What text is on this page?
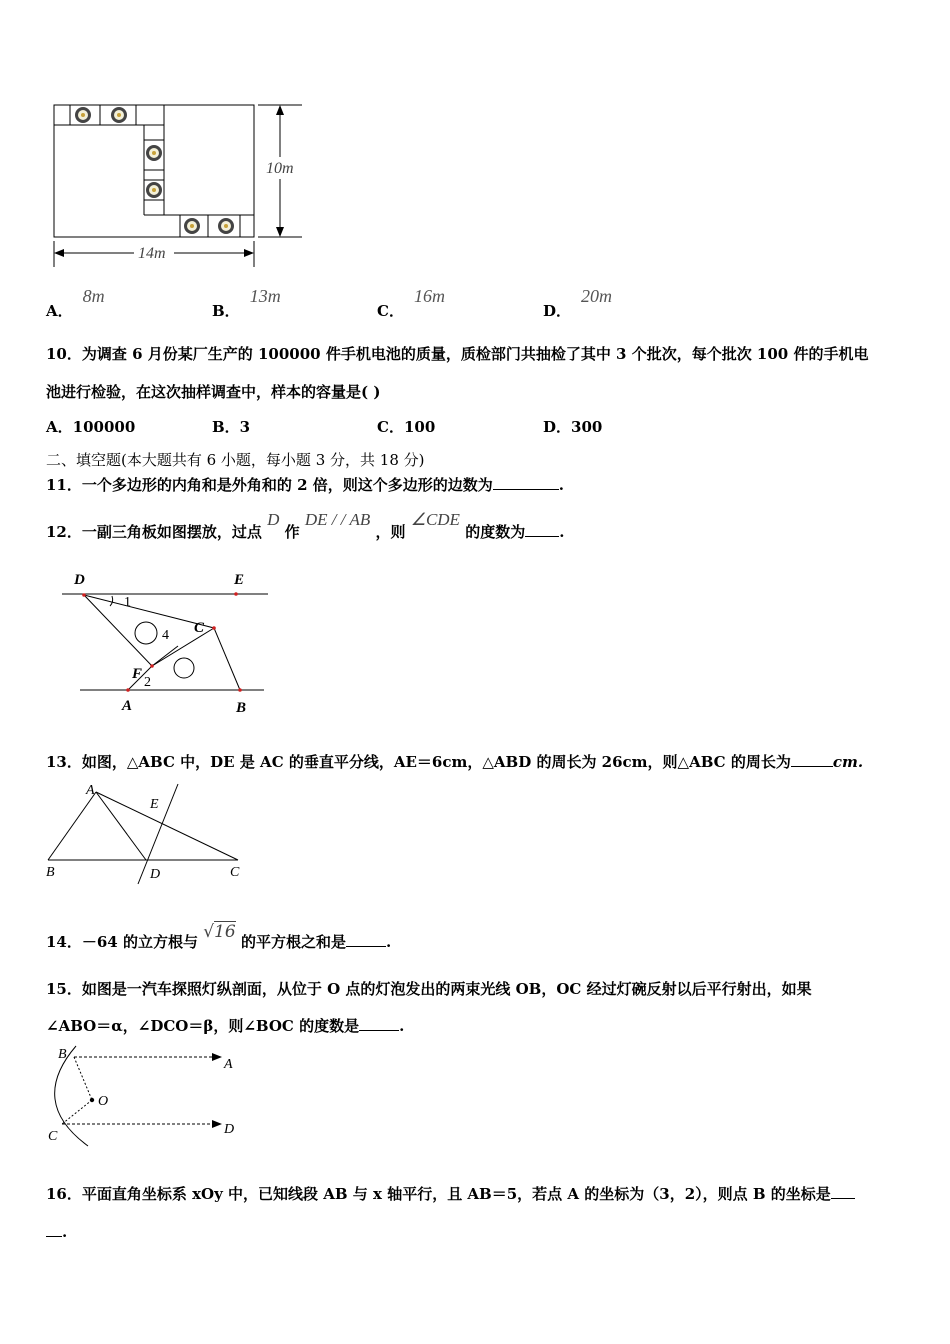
10m
14m
A．8m
B．13m
C．16m
D．20m
10．为调查 6 月份某厂生产的 100000 件手机电池的质量，质检部门共抽检了其中 3 个批次，每个批次 100 件的手机电
池进行检验，在这次抽样调查中，样本的容量是( )
A．100000	B．3	C．100	D．300
二、填空题(本大题共有 6 小题，每小题 3 分，共 18 分)
11．一个多边形的内角和是外角和的 2 倍，则这个多边形的边数为	.
12．一副三角板如图摆放，过点 D 作 DE / / AB ，则 ∠CDE 的度数为 .
D	E
C
F
A	B
1
2
4
13．如图，△ABC 中，DE 是 AC 的垂直平分线，AE＝6cm，△ABD 的周长为 26cm，则△ABC 的周长为	cm.
A
E
B	D	C
14．－64 的立方根与 √16 的平方根之和是	.
15．如图是一汽车探照灯纵剖面，从位于 O 点的灯泡发出的两束光线 OB，OC 经过灯碗反射以后平行射出，如果
∠ABO＝α，∠DCO＝β，则∠BOC 的度数是	.
B
A
O
C	D
16．平面直角坐标系 xOy 中，已知线段 AB 与 x 轴平行，且 AB＝5，若点 A 的坐标为（3，2），则点 B 的坐标是
.
